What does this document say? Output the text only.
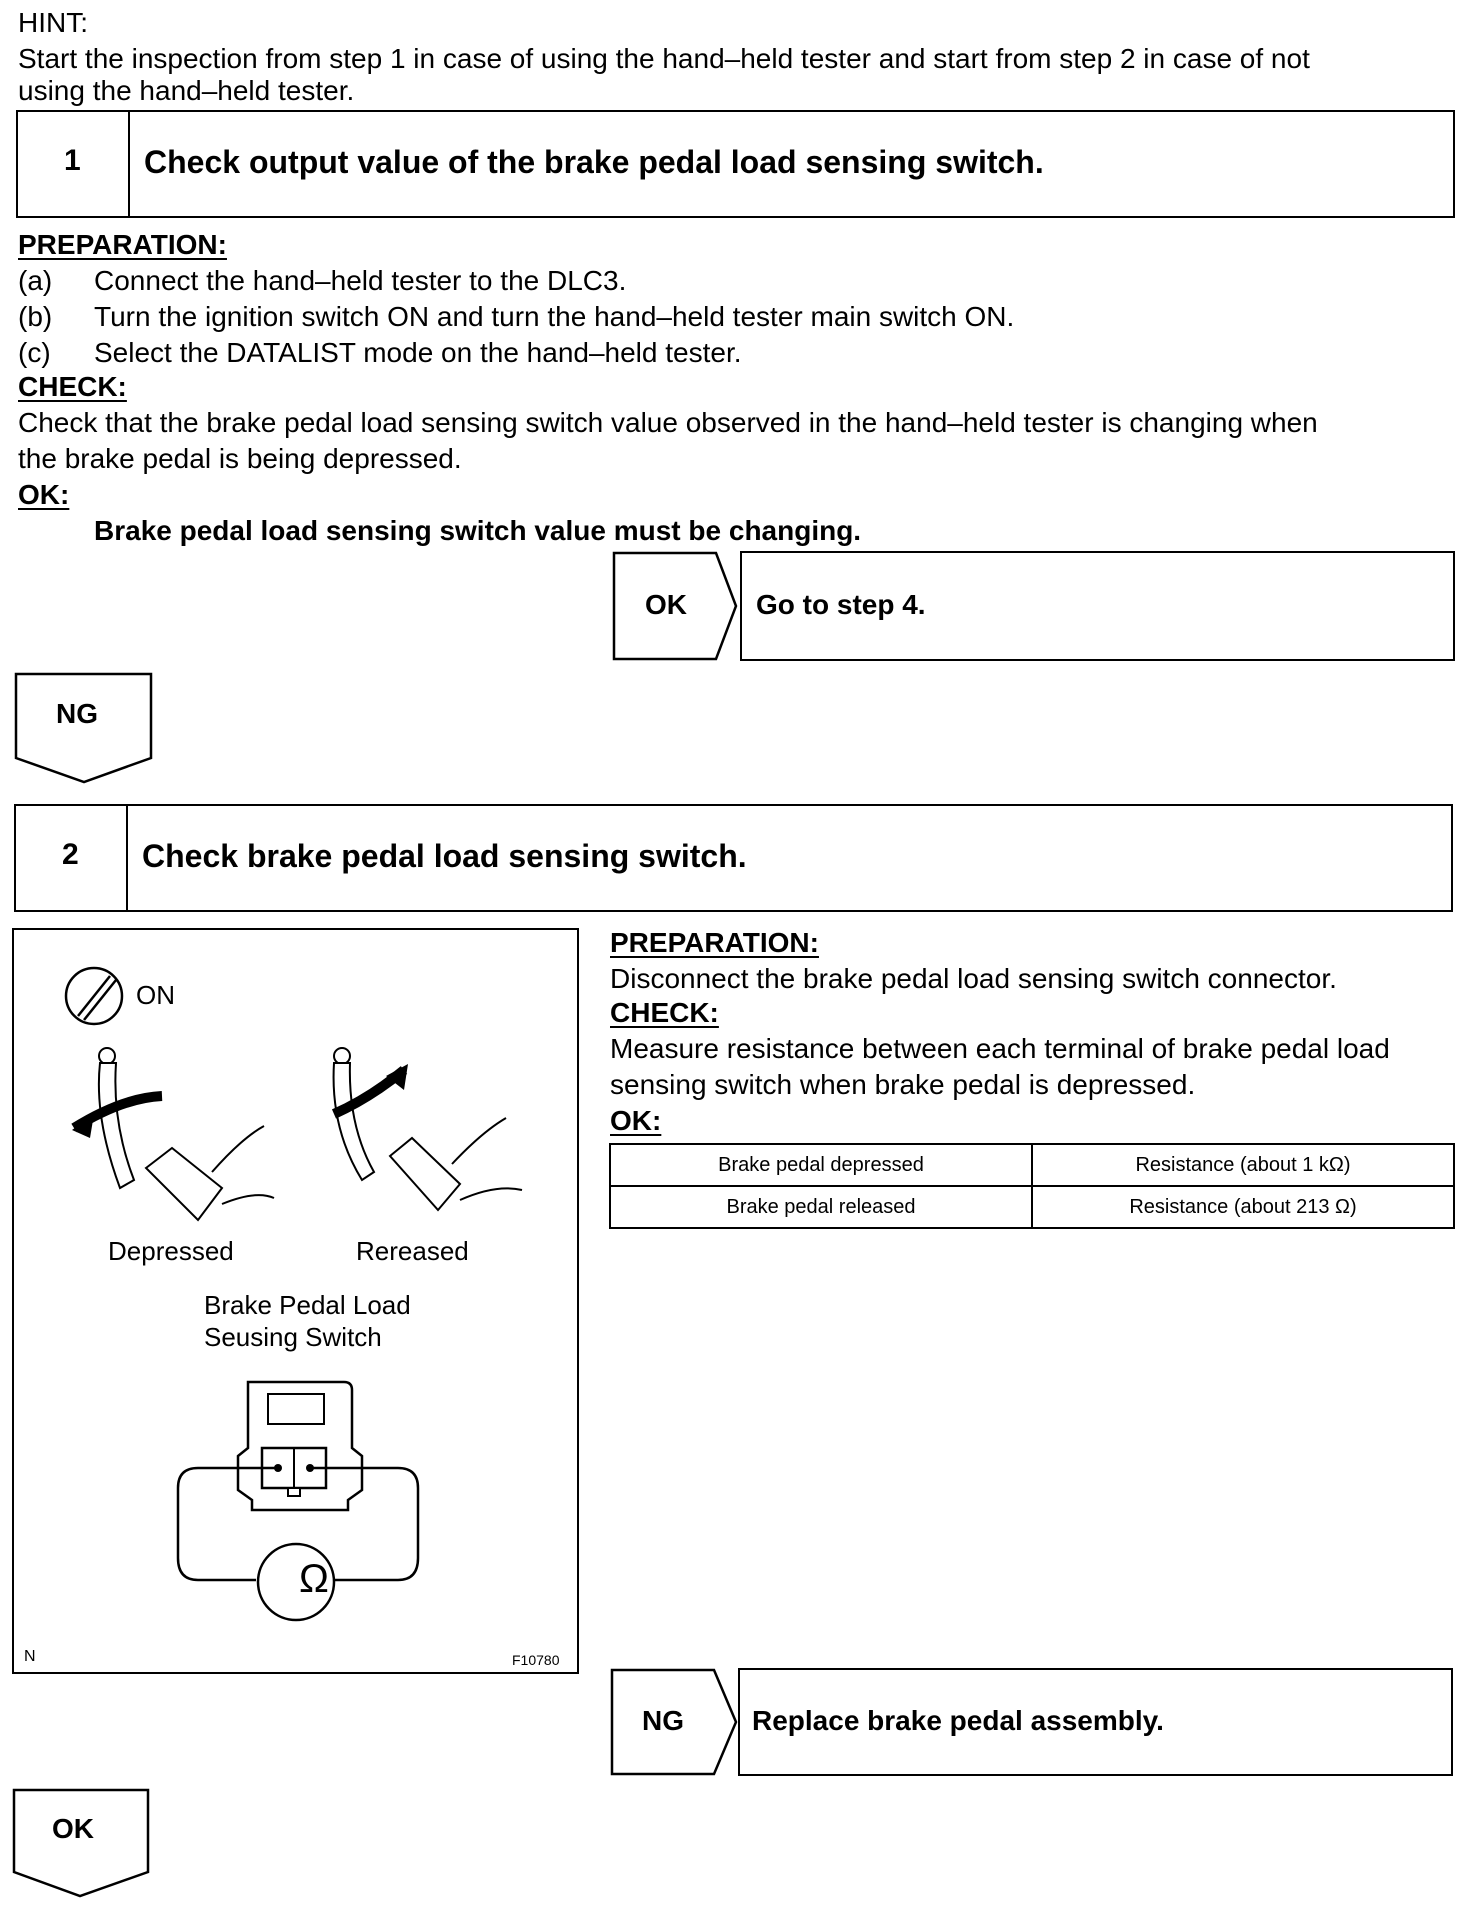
HINT:
Start the inspection from step 1 in case of using the hand–held tester and start from step 2 in case of not
using the hand–held tester.
1 Check output value of the brake pedal load sensing switch.
PREPARATION:
(a) Connect the hand–held tester to the DLC3.
(b) Turn the ignition switch ON and turn the hand–held tester main switch ON.
(c) Select the DATALIST mode on the hand–held tester.
CHECK:
Check that the brake pedal load sensing switch value observed in the hand–held tester is changing when
the brake pedal is being depressed.
OK:
Brake pedal load sensing switch value must be changing.
OK Go to step 4.
NG
2 Check brake pedal load sensing switch.
Ω
ON
Depressed	Rereased
Brake Pedal Load
Seusing Switch
N	F10780
PREPARATION:
Disconnect the brake pedal load sensing switch connector.
CHECK:
Measure resistance between each terminal of brake pedal load
sensing switch when brake pedal is depressed.
OK:
Brake pedal depressed	Resistance (about 1 kΩ)
Brake pedal released	Resistance (about 213 Ω)
NG Replace brake pedal assembly.
OK
